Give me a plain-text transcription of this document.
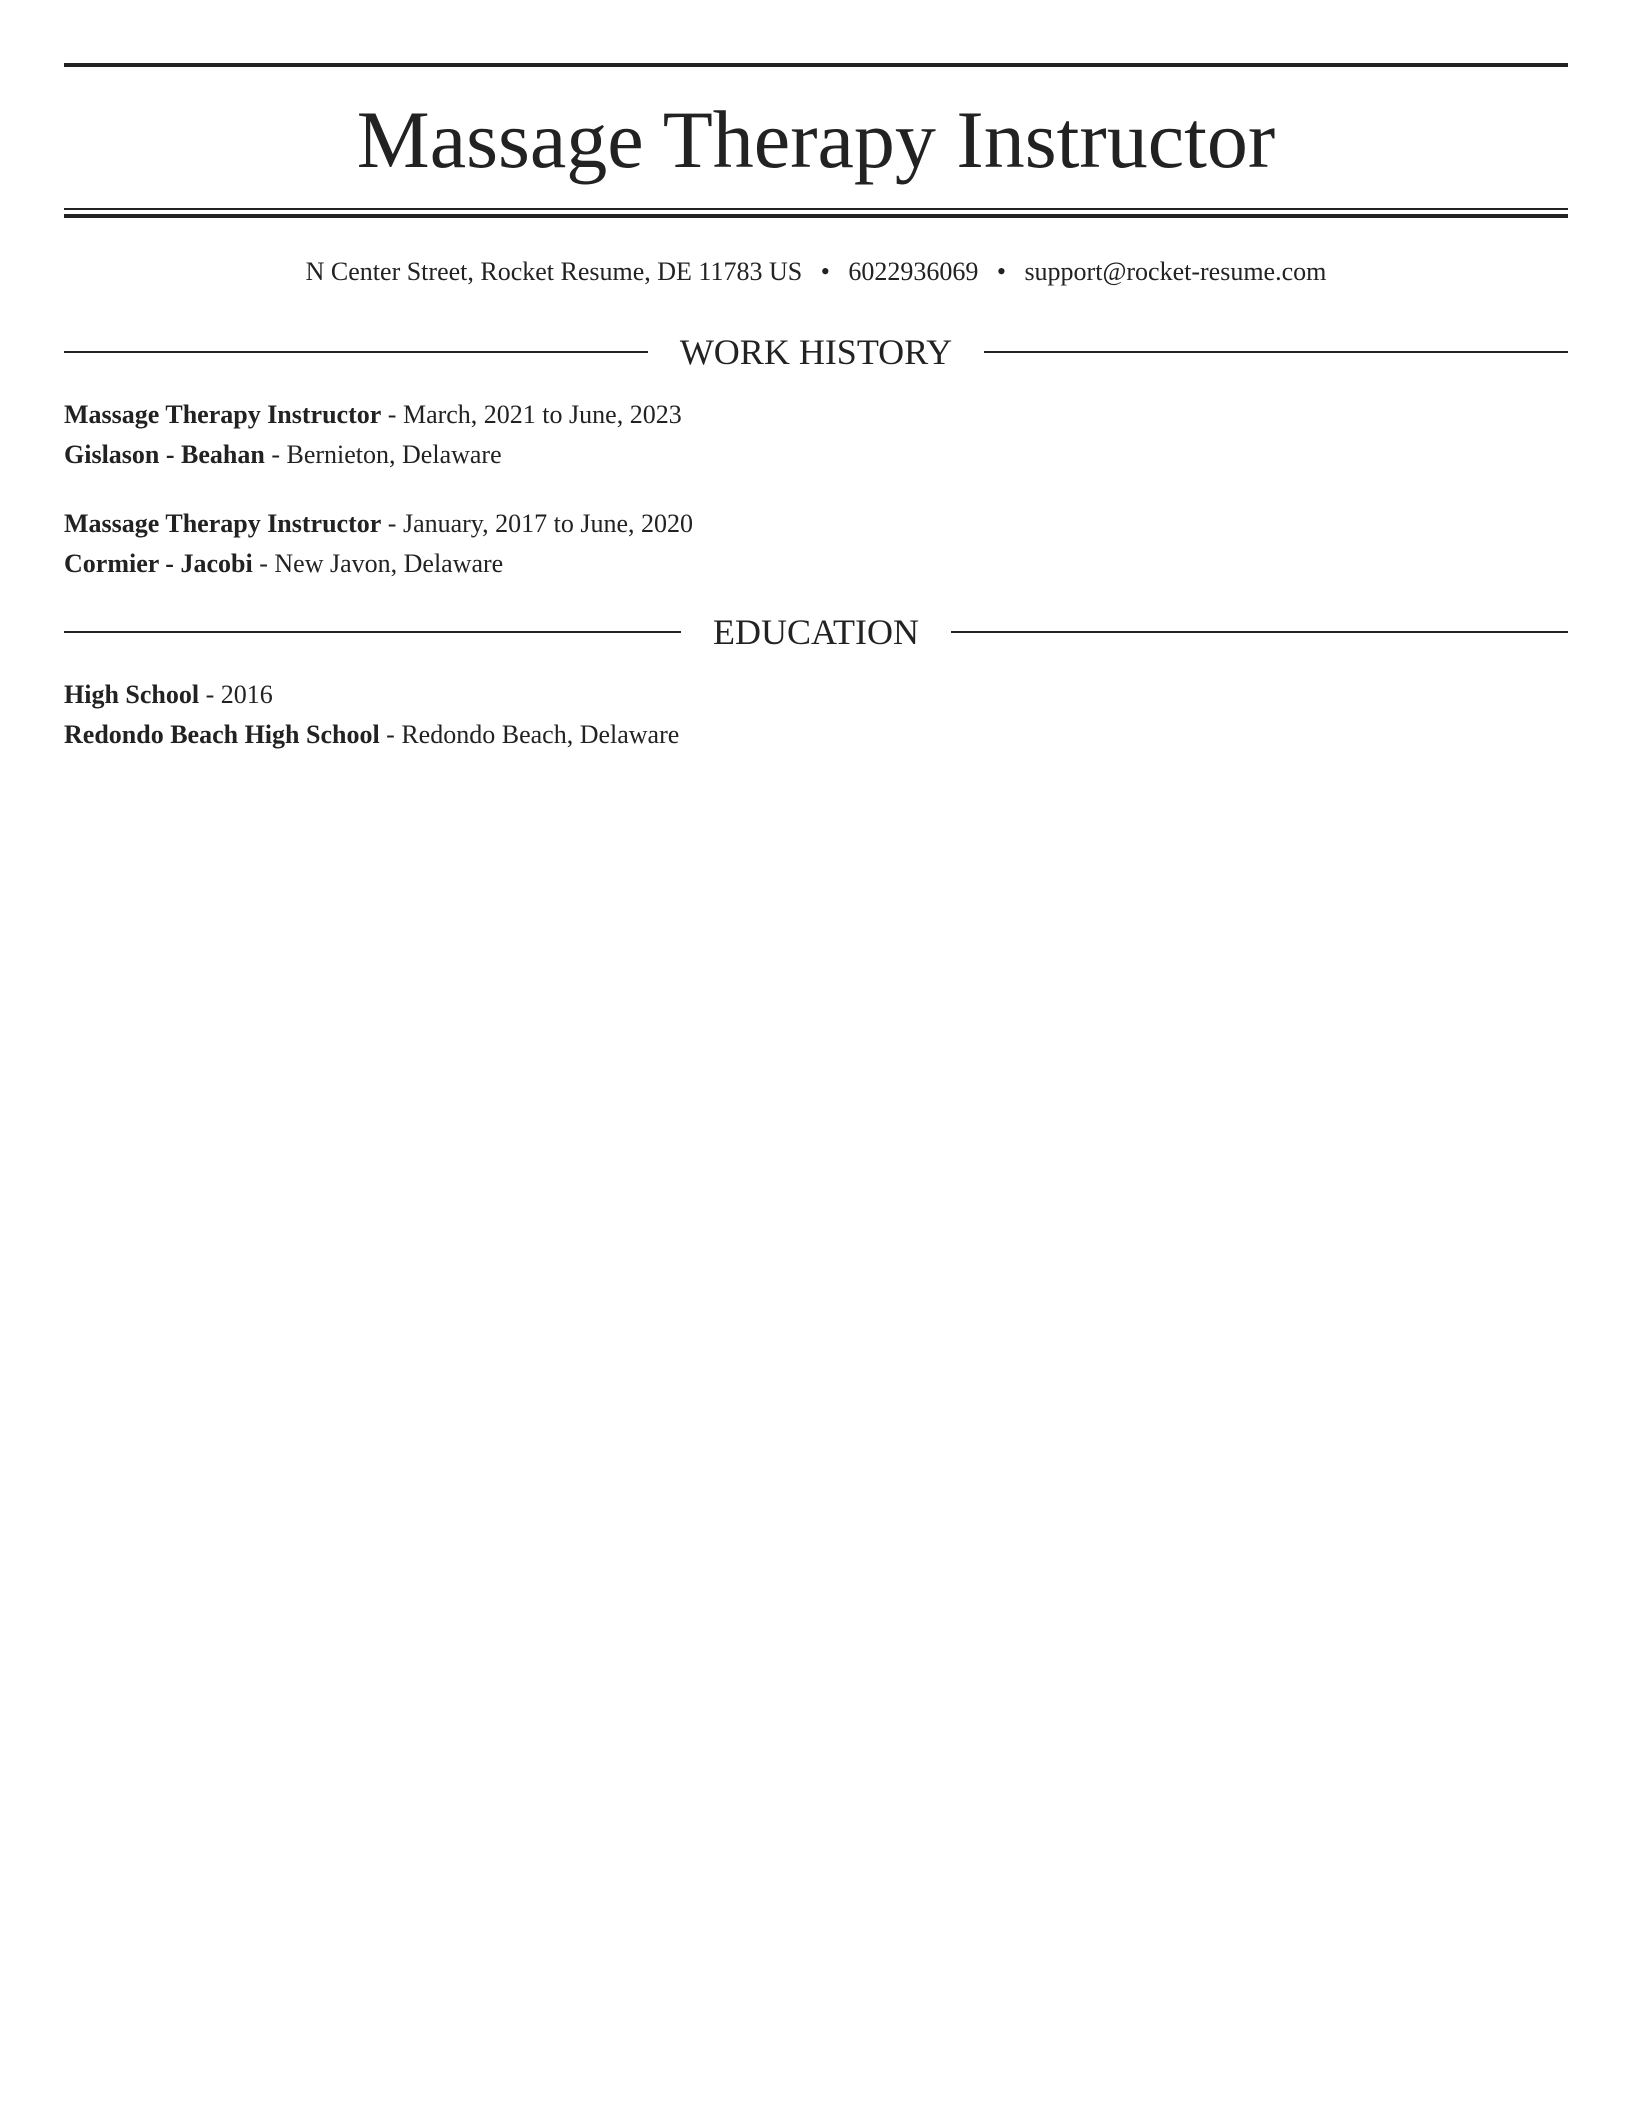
Massage Therapy Instructor
N Center Street, Rocket Resume, DE 11783 US • 6022936069 • support@rocket-resume.com
WORK HISTORY
Massage Therapy Instructor - March, 2021 to June, 2023
Gislason - Beahan - Bernieton, Delaware
Massage Therapy Instructor - January, 2017 to June, 2020
Cormier - Jacobi - New Javon, Delaware
EDUCATION
High School - 2016
Redondo Beach High School - Redondo Beach, Delaware
